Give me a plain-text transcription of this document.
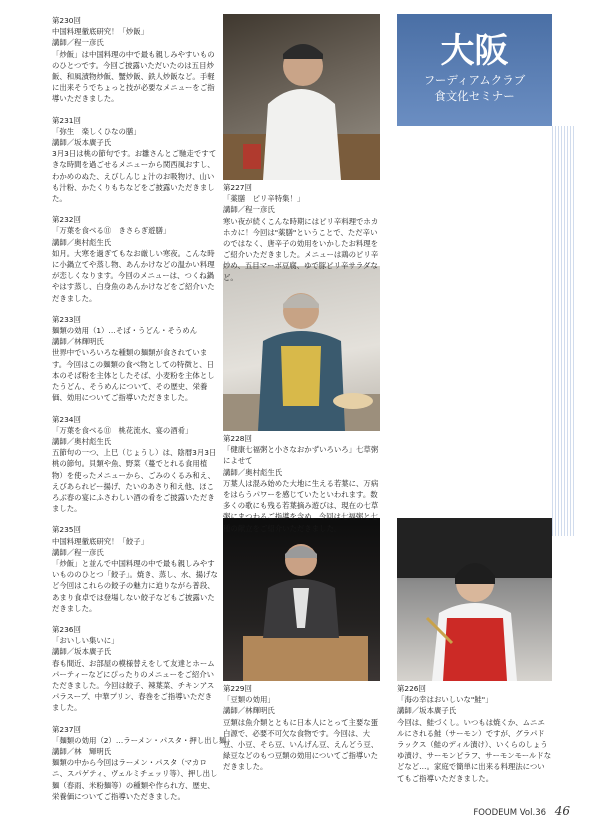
大阪
フーディアムクラブ
食文化セミナー
第230回
中国料理徹底研究！「炒飯」
講師／程一彦氏
「炒飯」は中国料理の中で最も親しみやすいもののひとつです。今回ご披露いただいたのは五目炒飯、和風漬物炒飯、蟹炒飯、鉄人炒飯など。手軽に出来そうでちょっと技が必要なメニューをご指導いただきました。
第231回
「弥生　楽しくひなの膳」
講師／坂本廣子氏
3月3日は桃の節句です。お雛さんとご馳走ですてきな時間を過ごせるメニューから関西風おすし、わかめのぬた、えびしんじょ汁のお吸物け、山いも汁粉、かたくりもちなどをご披露いただきました。
第232回
「万葉を食べる⑪　きさらぎ遊膳」
講師／奥村彪生氏
如月。大寒を過ぎてもなお厳しい寒夜。こんな時に小鍋立てや蒸し物、あんかけなどの温かい料理が恋しくなります。今回のメニューは、つくね鍋やはす蒸し、白身魚のあんかけなどをご紹介いただきました。
第233回
麺類の効用（1）…そば・うどん・そうめん
講師／林輝明氏
世界中でいろいろな種類の麺類が食されています。今回はこの麺類の食べ物としての特徴と、日本のそば粉を主体としたそば、小麦粉を主体としたうどん、そうめんについて、その歴史、栄養価、効用についてご指導いただきました。
第234回
「万葉を食べる⑪　桃花流水、宴の酒肴」
講師／奥村彪生氏
五節句の一つ、上巳（じょうし）は、陰暦3月3日桃の節句。貝類や魚、野菜（蔓でとれる食用植物）を使ったメニューから、ごみのくるみ和え、えびあられピー揚げ、たいのあさり和え他、ほころぶ春の宴にふさわしい酒の肴をご披露いただきました。
第235回
中国料理徹底研究！「餃子」
講師／程一彦氏
「炒飯」と並んで中国料理の中で最も親しみやすいもののひとつ「餃子」。焼き、蒸し、水、揚げなど今回はこれらの餃子の魅力に迫りながら普段、あまり食卓では登場しない餃子などもご披露いただきました。
第236回
「おいしい集いに」
講師／坂本廣子氏
春も間近、お部屋の模様替えをして友達とホームパーティーなどにぴったりのメニューをご紹介いただきました。今回は餃子、辣葉菜、チキンアスパラスープ、中華プリン、春巻をご指導いただきました。
第237回
「麺類の効用（2）…ラーメン・パスタ・押し出し麺」
講師／林　輝明氏
麺類の中から今回はラーメン・パスタ（マカロニ、スパゲティ、ヴェルミチェッリ等）、押し出し麺（春雨、米粉麺等）の種類や作られ方、歴史、栄養価についてご指導いただきました。
第227回
「薬膳　ピリ辛特集！」
講師／程一彦氏
寒い夜が続くこんな時期にはピリ辛料理でホカホカに！今回は"薬膳"ということで、ただ辛いのではなく、唐辛子の効用をいかしたお料理をご紹介いただきました。メニューは鶏のピリ辛炒め、五目マーボ豆腐、ゆで豚ピリ辛サラダなど。
第228回
「健康七福粥と小さなおかずいろいろ」七草粥によせて
講師／奥村彪生氏
万葉人は混み始めた大地に生える若葉に、万病をはらうパワーを感じていたといわれます。数多くの歌にも残る若葉摘み遊びは、現在の七草粥にまつわるご指導を含め、今回は七福粥と七種の献立をご紹介いただきました。
第229回
「豆類の効用」
講師／林輝明氏
豆類は魚介類とともに日本人にとって主要な蛋白源で、必要不可欠な食物です。今回は、大豆、小豆、そら豆、いんげん豆、えんどう豆、緑豆などのもつ豆類の効用についてご指導いただきました。
第226回
「海の幸はおいしいな"鮭"」
講師／坂本廣子氏
今回は、鮭づくし。いつもは焼くか、ムニエルにされる鮭（サーモン）ですが、グラパドラックス（鮭のディル漬け）、いくらのしょうゆ漬け、サーモンピラフ、サーモンモールドなどなど…。家庭で簡単に出来る料理法についてもご指導いただきました。
FOODEUM Vol.36 46
